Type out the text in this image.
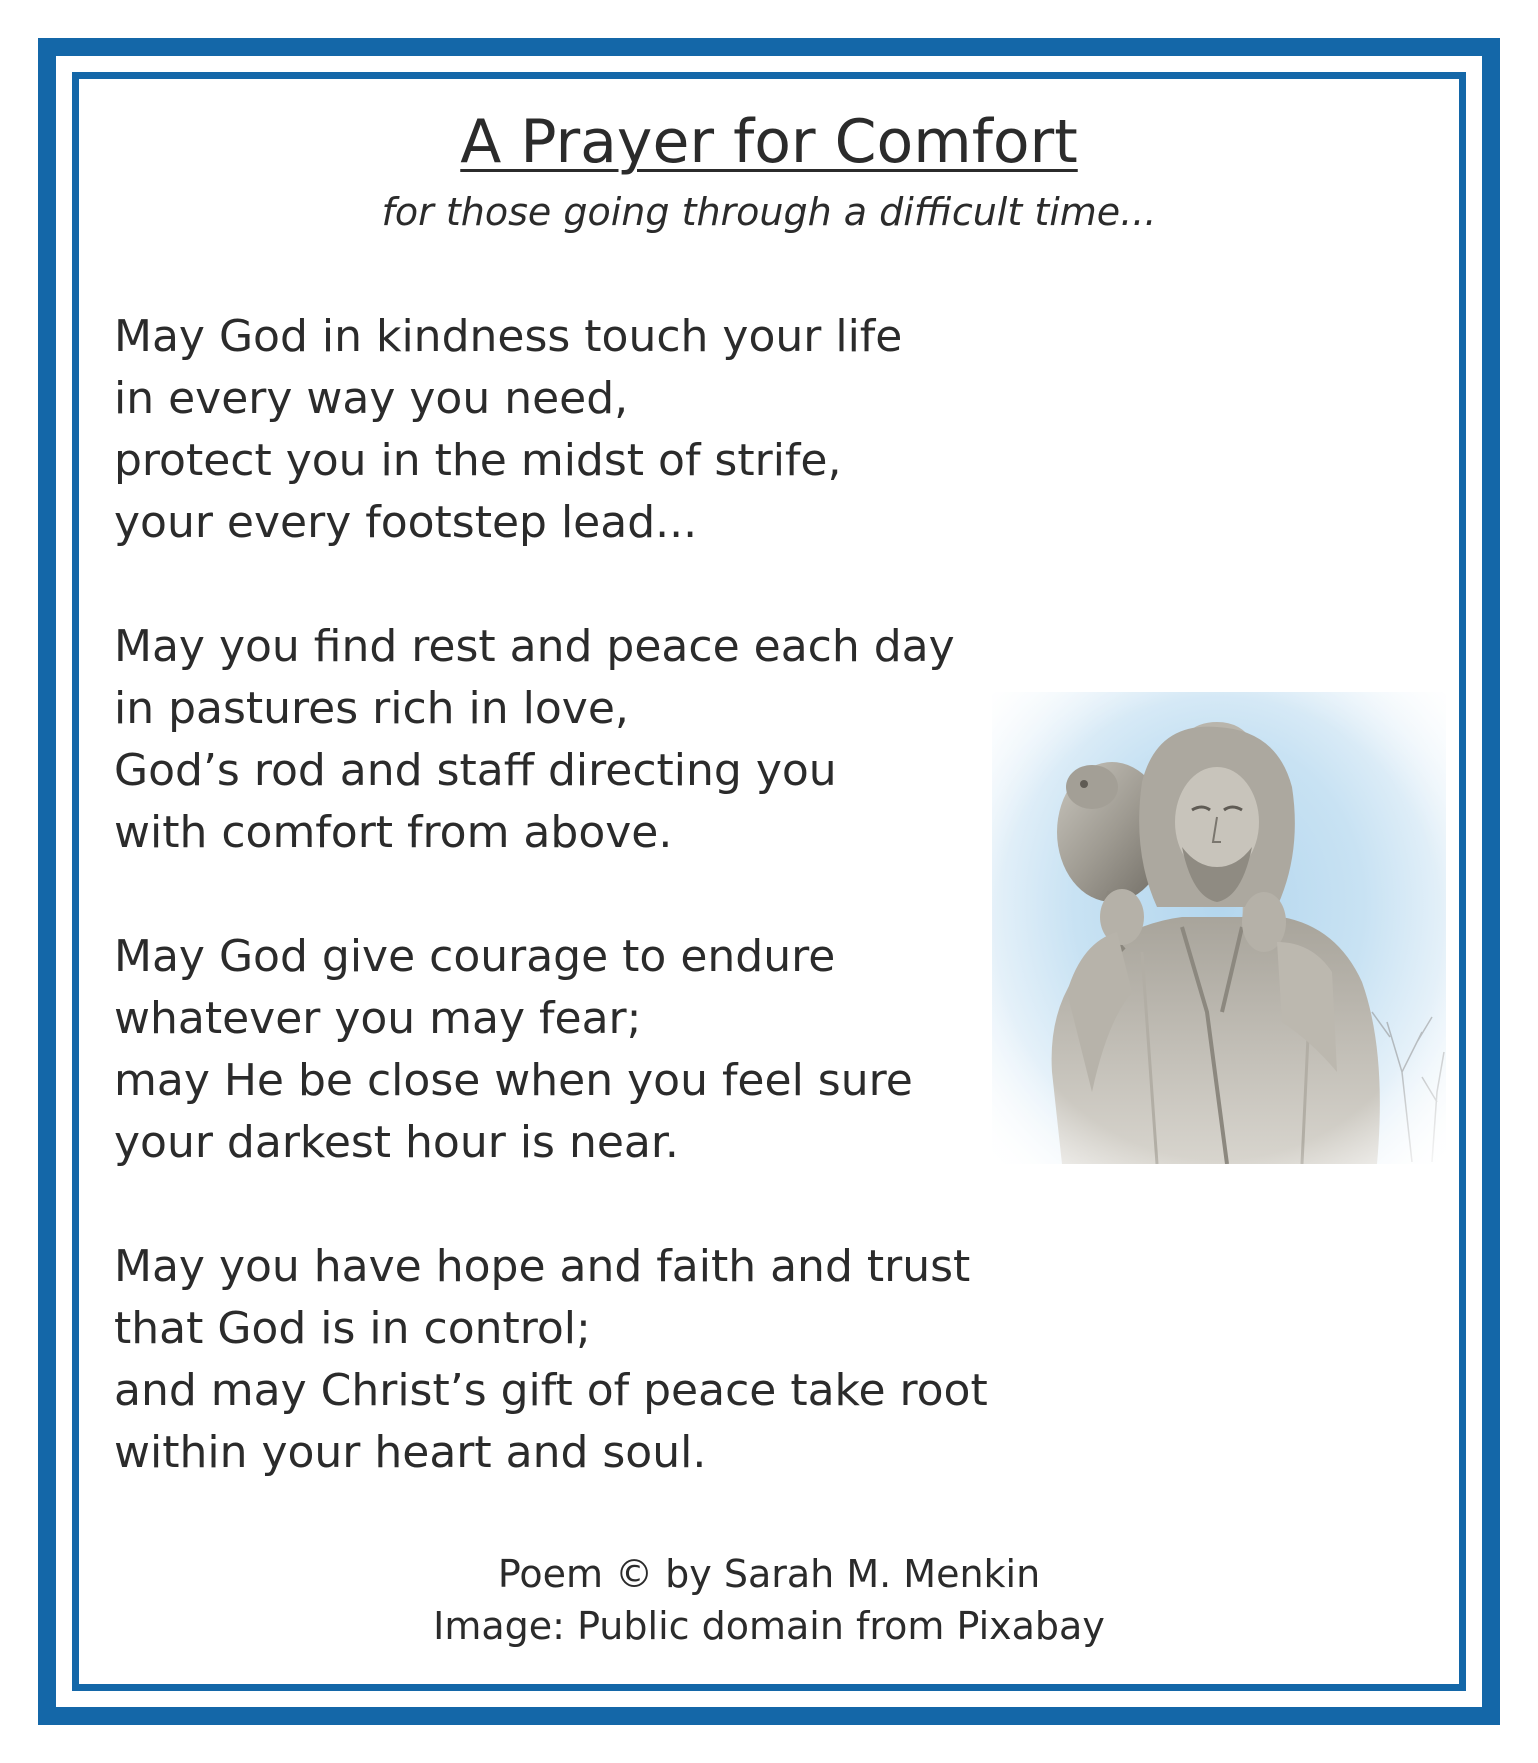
A Prayer for Comfort
for those going through a difficult time...
May God in kindness touch your life
in every way you need,
protect you in the midst of strife,
your every footstep lead...
May you find rest and peace each day
in pastures rich in love,
God’s rod and staff directing you
with comfort from above.
May God give courage to endure
whatever you may fear;
may He be close when you feel sure
your darkest hour is near.
May you have hope and faith and trust
that God is in control;
and may Christ’s gift of peace take root
within your heart and soul.
Poem © by Sarah M. Menkin
Image: Public domain from Pixabay
